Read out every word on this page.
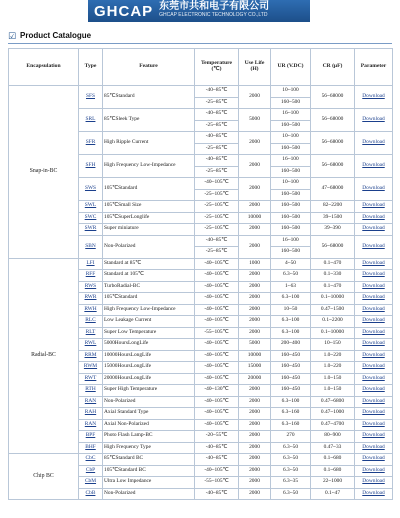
GHCAP 东莞市共和电子有限公司
GHCAP ELECTRONIC TECHNOLOGY CO.,LTD
☑ Product Catalogue
Encapsulation	Type	Feature	Temperature (℃)	Use Life (H)	UR (V.DC)	CR (μF)	Parameter
Snap-in-BC	SFS	85℃Standard	-40~85℃	2000	10~100	56~68000	Download
			-25~85℃		160~500		
	SRL	85℃Sleek Type	-40~85℃	5000	16~100	56~68000	Download
			-25~85℃		160~500		
	SFR	High Ripple Current	-40~85℃	2000	10~100	56~68000	Download
			-25~85℃		160~500		
	SFH	High Frequency Low-Impedance	-40~85℃	2000	16~100	56~68000	Download
			-25~85℃		160~500		
	SWS	105℃Standard	-40~105℃	2000	10~100	47~68000	Download
			-25~105℃		160~500		
	SWL	105℃Small Size	-25~105℃	2000	160~500	82~2200	Download
	SWC	105℃SuperLonglife	-25~105℃	10000	160~500	39~1500	Download
	SWR	Super miniature	-25~105℃	2000	160~500	39~390	Download
	SBN	Non-Polarized	-40~85℃	2000	16~100	56~68000	Download
			-25~85℃		160~500		
Radial-BC	LFI	Standard at 85℃	-40~105℃	1000	4~50	0.1~470	Download
	RFF	Standard at 105℃	-40~105℃	2000	6.3~50	0.1~330	Download
	RWS	TurboRadial-BC	-40~105℃	2000	1~63	0.1~470	Download
	RWR	105℃Standard	-40~105℃	2000	6.3~100	0.1~10000	Download
	RWH	High Frequency Low-Impedance	-40~105℃	2000	10~50	0.47~1500	Download
	RLC	Low Leakage Current	-40~105℃	2000	6.3~100	0.1~2200	Download
	RLT	Super Low Temperature	-55~105℃	2000	6.3~100	0.1~10000	Download
	RWL	5000HoursLongLife	-40~105℃	5000	200~400	10~150	Download
	RRM	10000HoursLongLife	-40~105℃	10000	160~450	1.0~220	Download
	RWM	15000HoursLongLife	-40~105℃	15000	160~450	1.0~220	Download
	RWT	20000HoursLongLife	-40~105℃	20000	160~450	1.0~150	Download
	RTH	Super High Temperature	-40~130℃	2000	160~450	1.0~150	Download
	RAN	Non-Polarized	-40~105℃	2000	6.3~100	0.47~6800	Download
	RAH	Axial Standard Type	-40~105℃	2000	6.3~160	0.47~1000	Download
	RAN	Axial Non-Polarized	-40~105℃	2000	6.3~160	0.47~4700	Download
	BPF	Photo Flash Lamp-BC	-20~55℃	2000	270	80~900	Download
	BHF	High Frequency Type	-40~85℃	2000	6.3~50	0.47~33	Download
Chip BC	CbC	85℃Standard BC	-40~85℃	2000	6.3~50	0.1~680	Download
	CbP	105℃Standard BC	-40~105℃	2000	6.3~50	0.1~680	Download
	CbM	Ultra Low Impedance	-55~105℃	2000	6.3~35	22~1000	Download
	CbB	Non-Polarized	-40~85℃	2000	6.3~50	0.1~47	Download
